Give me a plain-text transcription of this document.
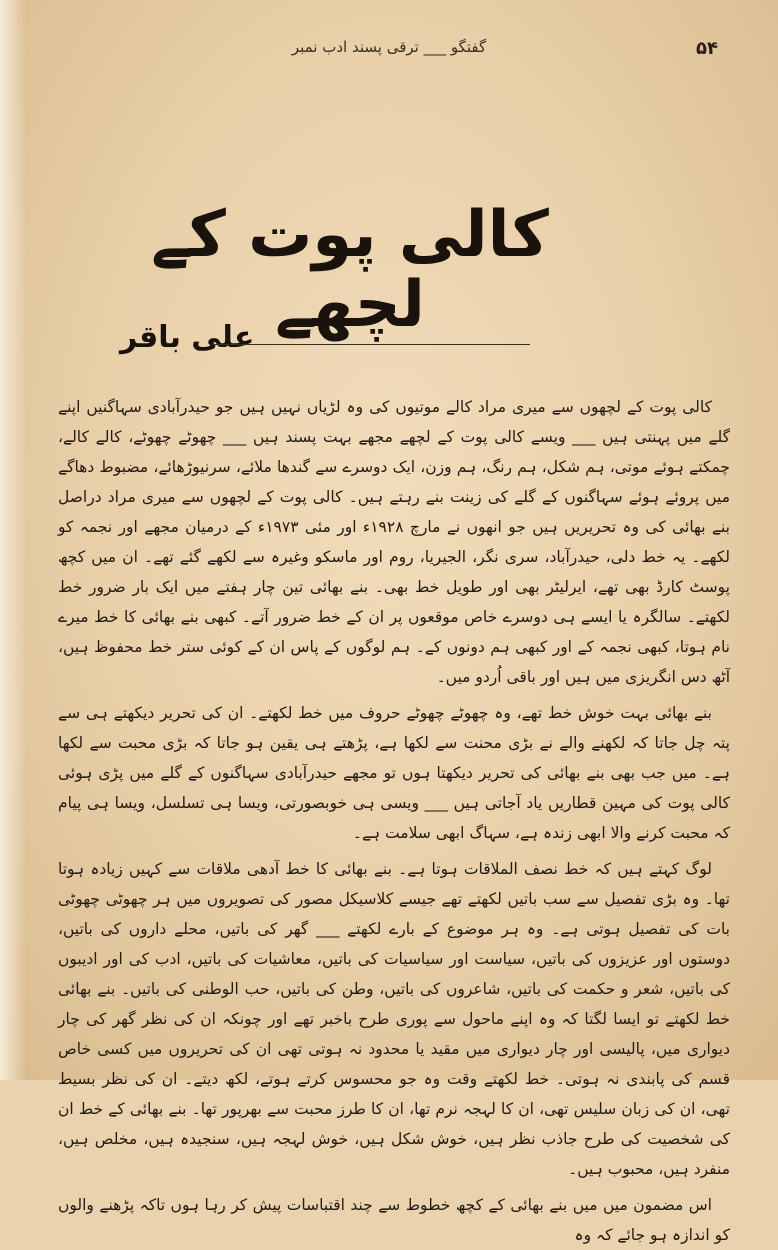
گفتگو ___ ترقی پسند ادب نمبر	۵۴
کالی پوت کے لچھے
علی باقر

کالی پوت کے لچھوں سے میری مراد کالے موتیوں کی وہ لڑیاں نہیں ہیں جو حیدرآبادی سہاگنیں اپنے گلے میں پہنتی ہیں ___ ویسے کالی پوت کے لچھے مجھے بہت پسند ہیں ___ چھوٹے چھوٹے، کالے کالے، چمکتے ہوئے موتی، ہم شکل، ہم رنگ، ہم وزن، ایک دوسرے سے گندھا ملائے، سرنیوڑھائے، مضبوط دھاگے میں پروئے ہوئے سہاگنوں کے گلے کی زینت بنے رہتے ہیں۔ کالی پوت کے لچھوں سے میری مراد دراصل بنے بھائی کی وہ تحریریں ہیں جو انھوں نے مارچ ۱۹۲۸ء اور مئی ۱۹۷۳ء کے درمیان مجھے اور نجمہ کو لکھے۔ یہ خط دلی، حیدرآباد، سری نگر، الجیریا، روم اور ماسکو وغیرہ سے لکھے گئے تھے۔ ان میں کچھ پوسٹ کارڈ بھی تھے، ایرلیٹر بھی اور طویل خط بھی۔ بنے بھائی تین چار ہفتے میں ایک بار ضرور خط لکھتے۔ سالگرہ یا ایسے ہی دوسرے خاص موقعوں پر ان کے خط ضرور آتے۔ کبھی بنے بھائی کا خط میرے نام ہوتا، کبھی نجمہ کے اور کبھی ہم دونوں کے۔ ہم لوگوں کے پاس ان کے کوئی ستر خط محفوظ ہیں، آٹھ دس انگریزی میں ہیں اور باقی اُردو میں۔

بنے بھائی بہت خوش خط تھے، وہ چھوٹے چھوٹے حروف میں خط لکھتے۔ ان کی تحریر دیکھتے ہی سے پتہ چل جاتا کہ لکھنے والے نے بڑی محنت سے لکھا ہے، پڑھتے ہی یقین ہو جاتا کہ بڑی محبت سے لکھا ہے۔ میں جب بھی بنے بھائی کی تحریر دیکھتا ہوں تو مجھے حیدرآبادی سہاگنوں کے گلے میں پڑی ہوئی کالی پوت کی مہین قطاریں یاد آجاتی ہیں ___ ویسی ہی خوبصورتی، ویسا ہی تسلسل، ویسا ہی پیام کہ محبت کرنے والا ابھی زندہ ہے، سہاگ ابھی سلامت ہے۔

لوگ کہتے ہیں کہ خط نصف الملاقات ہوتا ہے۔ بنے بھائی کا خط آدھی ملاقات سے کہیں زیادہ ہوتا تھا۔ وہ بڑی تفصیل سے سب باتیں لکھتے تھے جیسے کلاسیکل مصور کی تصویروں میں ہر چھوٹی چھوٹی بات کی تفصیل ہوتی ہے۔ وہ ہر موضوع کے بارے لکھتے ___ گھر کی باتیں، محلے داروں کی باتیں، دوستوں اور عزیزوں کی باتیں، سیاست اور سیاسیات کی باتیں، معاشیات کی باتیں، ادب کی اور ادیبوں کی باتیں، شعر و حکمت کی باتیں، شاعروں کی باتیں، وطن کی باتیں، حب الوطنی کی باتیں۔ بنے بھائی خط لکھتے تو ایسا لگتا کہ وہ اپنے ماحول سے پوری طرح باخبر تھے اور چونکہ ان کی نظر گھر کی چار دیواری میں، پالیسی اور چار دیواری میں مقید یا محدود نہ ہوتی تھی ان کی تحریروں میں کسی خاص قسم کی پابندی نہ ہوتی۔ خط لکھتے وقت وہ جو محسوس کرتے ہوتے، لکھ دیتے۔ ان کی نظر بسیط تھی، ان کی زبان سلیس تھی، ان کا لہجہ نرم تھا، ان کا طرز محبت سے بھرپور تھا۔ بنے بھائی کے خط ان کی شخصیت کی طرح جاذب نظر ہیں، خوش شکل ہیں، خوش لہجہ ہیں، سنجیدہ ہیں، مخلص ہیں، منفرد ہیں، محبوب ہیں۔

اس مضمون میں میں بنے بھائی کے کچھ خطوط سے چند اقتباسات پیش کر رہا ہوں تاکہ پڑھنے والوں کو اندازہ ہو جائے کہ وہ
